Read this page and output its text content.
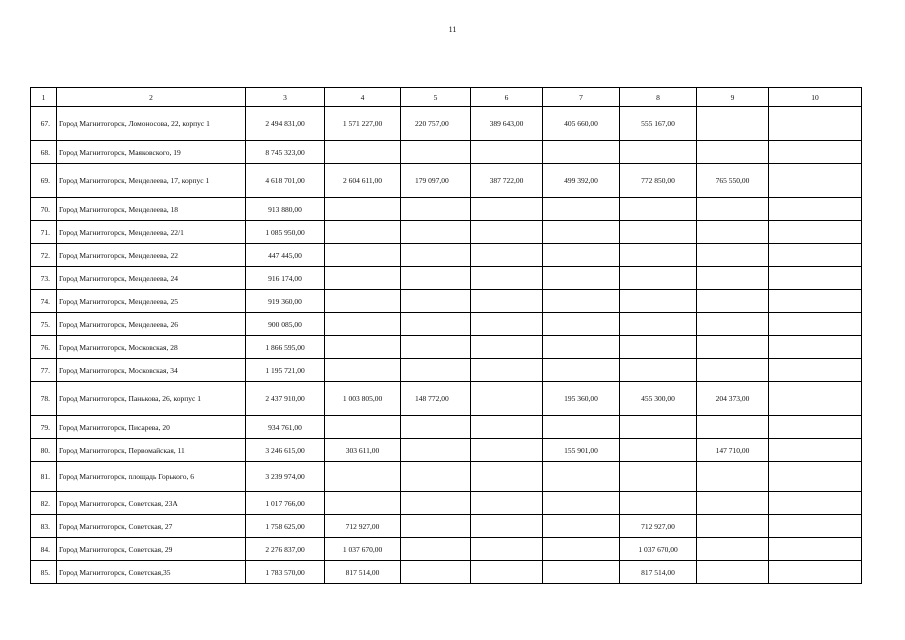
11
1	2	3	4	5	6	7	8	9	10
67.	Город Магнитогорск, Ломоносова, 22, корпус 1	2 494 831,00	1 571 227,00	220 757,00	389 643,00	405 660,00	555 167,00		
68.	Город Магнитогорск, Маяковского, 19	8 745 323,00							
69.	Город Магнитогорск, Менделеева, 17, корпус 1	4 618 701,00	2 604 611,00	179 097,00	387 722,00	499 392,00	772 850,00	765 550,00	
70.	Город Магнитогорск, Менделеева, 18	913 880,00							
71.	Город Магнитогорск, Менделеева, 22/1	1 085 950,00							
72.	Город Магнитогорск, Менделеева, 22	447 445,00							
73.	Город Магнитогорск, Менделеева, 24	916 174,00							
74.	Город Магнитогорск, Менделеева, 25	919 360,00							
75.	Город Магнитогорск, Менделеева, 26	900 085,00							
76.	Город Магнитогорск, Московская, 28	1 866 595,00							
77.	Город Магнитогорск, Московская, 34	1 195 721,00							
78.	Город Магнитогорск, Панькова, 26, корпус 1	2 437 910,00	1 003 805,00	148 772,00		195 360,00	455 300,00	204 373,00	
79.	Город Магнитогорск, Писарева, 20	934 761,00							
80.	Город Магнитогорск, Первомайская, 11	3 246 615,00	303 611,00			155 901,00		147 710,00	
81.	Город Магнитогорск, площадь Горького, 6	3 239 974,00							
82.	Город Магнитогорск, Советская, 23А	1 017 766,00							
83.	Город Магнитогорск, Советская, 27	1 758 625,00	712 927,00				712 927,00		
84.	Город Магнитогорск, Советская, 29	2 276 837,00	1 037 670,00				1 037 670,00		
85.	Город Магнитогорск, Советская,35	1 783 570,00	817 514,00				817 514,00		
